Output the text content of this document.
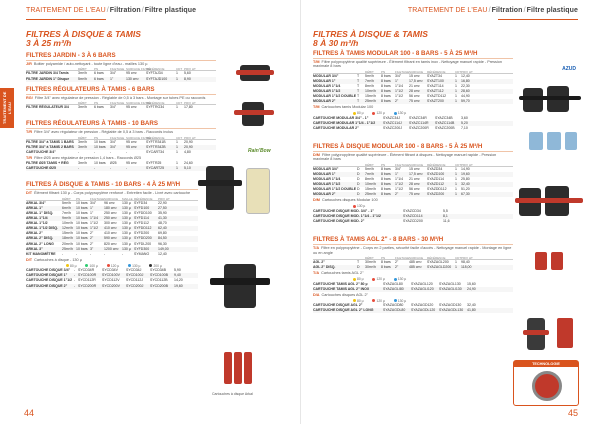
TRAITEMENT DE L'EAU/Filtration/Filtre plastique
TRAITEMENT DE L'EAU
FILTRES À DISQUE & TAMIS
3 À 25 m³/h
FILTRES JARDIN - 3 À 6 BARS
J/R Boitier polyamide / auto-nettoyant - toute ligne d'eau - mailles 130 µ
DÉBIT	PN	FILETAGE SURFACE FILTRE
RÉFÉRENCE	CDT PRIX HT
FILTRE JARDIN 3/4 Tamis	3m³/h	6 bars	3/4"	95 cm²	SYFTAJ34	1	5,60
FILTRE JARDIN 1" Disque	5m³/h	6 bars	1"	130 cm²	SYFTAJD100	1	8,90
FILTRES RÉGULATEURS À TAMIS - 6 BARS
RG/ Filtre 3/4" avec régulateur de pression - Réglable de 0,5 à 3 bars - Montage sur tubes PE ou raccords
DÉBIT	PN	FILETAGE SURFACE FILTRE
RÉFÉRENCE	CDT PRIX HT
FILTRE RÉGULATEUR 3/4	3m³/h	6 bars	3/4"	95 cm²	SYFTRG34	1	17,80
FILTRES RÉGULATEURS À TAMIS - 10 BARS
T/R Filtre 3/4" avec régulateur de pression - Réglable de 0,5 à 3 bars - Raccords inclus
DÉBIT	PN	FILETAGE SURFACE FILTRE
RÉFÉRENCE	CDT PRIX HT
FILTRE 3/4" à TAMIS 1 BARS	3m³/h	10 bars	3/4"	95 cm²	SYFTR341B	1	20,90
FILTRE 3/4" à TAMIS 2 BARS	3m³/h	10 bars	3/4"	95 cm²	SYFTR342B	1	20,90
CARTOUCHE 3/4"	-	-	-	-	SYCART34	1	4,80
T/R Filtre Ø25 avec régulateur de pression 1,4 bars - Raccords Ø25
FILTRE Ø25 TAMIS + RÉG	3m³/h	10 bars	Ø25	95 cm²	SYFTR25	1	24,60
CARTOUCHE Ø25	-	-	-	-	SYCART25	1	5,10
FILTRES À DISQUE & TAMIS - 10 BARS - 4 À 25 M³/H
D/T Élément filtrant 130 µ - Corps polypropylène renforcé - Entretien facile - Livré avec cartouche
DÉBIT	PN	FILETAGE SURFACE	MAILLE RÉFÉRENCE	PRIX HT
ARKAL 3/4"	5m³/h	10 bars 3/4"	96 cm²	130 µ SYFD34	22,90
ARKAL 1"	6m³/h	10 bars 1"	180 cm²	130 µ SYFD100	27,50
ARKAL 1" DISQ.	7m³/h	10 bars 1"	250 cm²	130 µ SYFDD100	35,90
ARKAL 1"1/4	9m³/h	10 bars 1"1/4	250 cm²	130 µ SYFD114	41,30
ARKAL 1"1/2	10m³/h 10 bars 1"1/2	300 cm²	130 µ SYFD112	48,70
ARKAL 1"1/2 DISQ.	12m³/h 10 bars 1"1/2	410 cm²	130 µ SYFDD112	62,40
ARKAL 2"	15m³/h 10 bars 2"	410 cm²	130 µ SYFD200	69,80
ARKAL 2" DISQ.	18m³/h 10 bars 2"	590 cm²	130 µ SYFDD200	84,50
ARKAL 2" LONG	20m³/h 10 bars 2"	820 cm²	130 µ SYFDL200	96,30
ARKAL 3"	25m³/h 10 bars 3"	1200 cm² 130 µ SYFD300	149,00
KIT MANOMÈTRE	-	-	-	-	-	SYMANO	12,40
D/T Cartouches à disque - 130 µ
80 µ	100 µ	120 µ	130 µ	200 µ
CARTOUCHE DISQUE 3/4"	- SYCD34R	SYCD34V	SYCD34J	SYCD34B	5,90
CARTOUCHE DISQUE 1"	- SYCD100R	SYCD100V	SYCD100J	SYCD100B	9,40
CARTOUCHE DISQUE 1"1/2 - SYCD112R	SYCD112V	SYCD112J	SYCD112B	14,20
CARTOUCHE DISQUE 2"	- SYCD200R	SYCD200V	SYCD200J	SYCD200B	19,60
Rain'Bow
Cartouches à disque Arkal
44
TRAITEMENT DE L'EAU/Filtration/Filtre plastique
FILTRES À DISQUE & TAMIS
8 À 30 m³/h
AZUD
FILTRES À TAMIS MODULAR 100 - 8 BARS - 5 À 25 M³/H
T/M Filtre polypropylène qualité supérieure - Élément filtrant en tamis inox - Nettoyage manuel rapide - Pression maximale 8 bars
DÉBIT	PN	FILETAGE SURFACE	RÉFÉRENCE	CDT PRIX HT
MODULAR 3/4"	T	5m³/h	8 bars	3/4"	15 cm²	SYAZT34	1	12,40
MODULAR 1"	T	7m³/h	8 bars	1"	17,5 cm²	SYAZT100	1	16,80
MODULAR 1"1/4	T	8m³/h	8 bars	1"1/4	21 cm²	SYAZT114	1	22,30
MODULAR 1"1/2	T	10m³/h	8 bars	1"1/2	28 cm²	SYAZT112	1	28,60
MODULAR 1"1/2 DOUBLE T	15m³/h	8 bars	1"1/2	56 cm²	SYAZTD112	1	44,90
MODULAR 2"	T	25m³/h	8 bars	2"	75 cm²	SYAZT200	1	59,70
T/M Cartouches tamis Modular 100
80 µ	120 µ	130 µ
CARTOUCHE MODULAR 3/4" - 1"	SYAZC34J	SYAZC34R	SYAZC34B	3,60
CARTOUCHE MODULAR 1"1/4 - 1"1/2	SYAZC114J	SYAZC114R	SYAZC114B	5,20
CARTOUCHE MODULAR 2"	SYAZC200J	SYAZC200R	SYAZC200B	7,10
FILTRES À DISQUE MODULAR 100 - 8 BARS - 5 À 25 M³/H
D/M Filtre polypropylène qualité supérieure - Élément filtrant à disques - Nettoyage manuel rapide - Pression maximale 8 bars
DÉBIT	PN	FILETAGE SURFACE	RÉFÉRENCE	CDT PRIX HT
MODULAR 3/4"	D	5m³/h	8 bars	3/4"	15 cm²	SYAZD34	1	14,90
MODULAR 1"	D	7m³/h	8 bars	1"	17,5 cm²	SYAZD100	1	19,60
MODULAR 1"1/4	D	8m³/h	8 bars	1"1/4	21 cm²	SYAZD114	1	25,80
MODULAR 1"1/2	D	10m³/h	8 bars	1"1/2	28 cm²	SYAZD112	1	32,40
MODULAR 1"1/2 DOUBLE D	15m³/h	8 bars	1"1/2	56 cm²	SYAZDD112	1	51,20
MODULAR 2"	D	25m³/h	8 bars	2"	75 cm²	SYAZD200	1	67,30
D/M Cartouches disques Modular 100
130 µ
CARTOUCHE DISQUE MOD. 3/4" - 1"	SYAZCD34	5,5
CARTOUCHE DISQUE MOD. 1"1/4 - 1"1/2	SYAZCD114	8,1
CARTOUCHE DISQUE MOD. 2"	SYAZCD200	11,6
FILTRES À TAMIS AGL 2" - 8 BARS - 30 M³/H
T/A Filtre en polypropylène - Corps en 2 parties, sécurité facile d'accès - Nettoyage manuel rapide - Montage en ligne ou en angle
DÉBIT	PN	FILETAGE SURFACE	RÉFÉRENCE	CDT PRIX HT
AGL 2"	T	30m³/h	8 bars	2"	485 cm²	SYAZAGL200	1	98,40
AGL 2" DISQ.	D	30m³/h	8 bars	2"	485 cm²	SYAZAGLD200	1	118,00
T/A Cartouches tamis AGL 2"
80 µ	120 µ	130 µ
CARTOUCHE TAMIS AGL 2" 80 µ	SYAZAGL80	SYAZAGL120	SYAZAGL130	15,60
CARTOUCHE TAMIS AGL 2" INOX	SYAZAGLI80	SYAZAGLI120	SYAZAGLI130	24,90
D/A Cartouches disques AGL 2"
80 µ	120 µ	130 µ
CARTOUCHE DISQUE AGL 2"	SYAZAGD80	SYAZAGD120	SYAZAGD130	32,40
CARTOUCHE DISQUE AGL 2" LONG	SYAZAGDL80	SYAZAGDL120	SYAZAGDL130	41,80
TECHNOLOGIE
45
